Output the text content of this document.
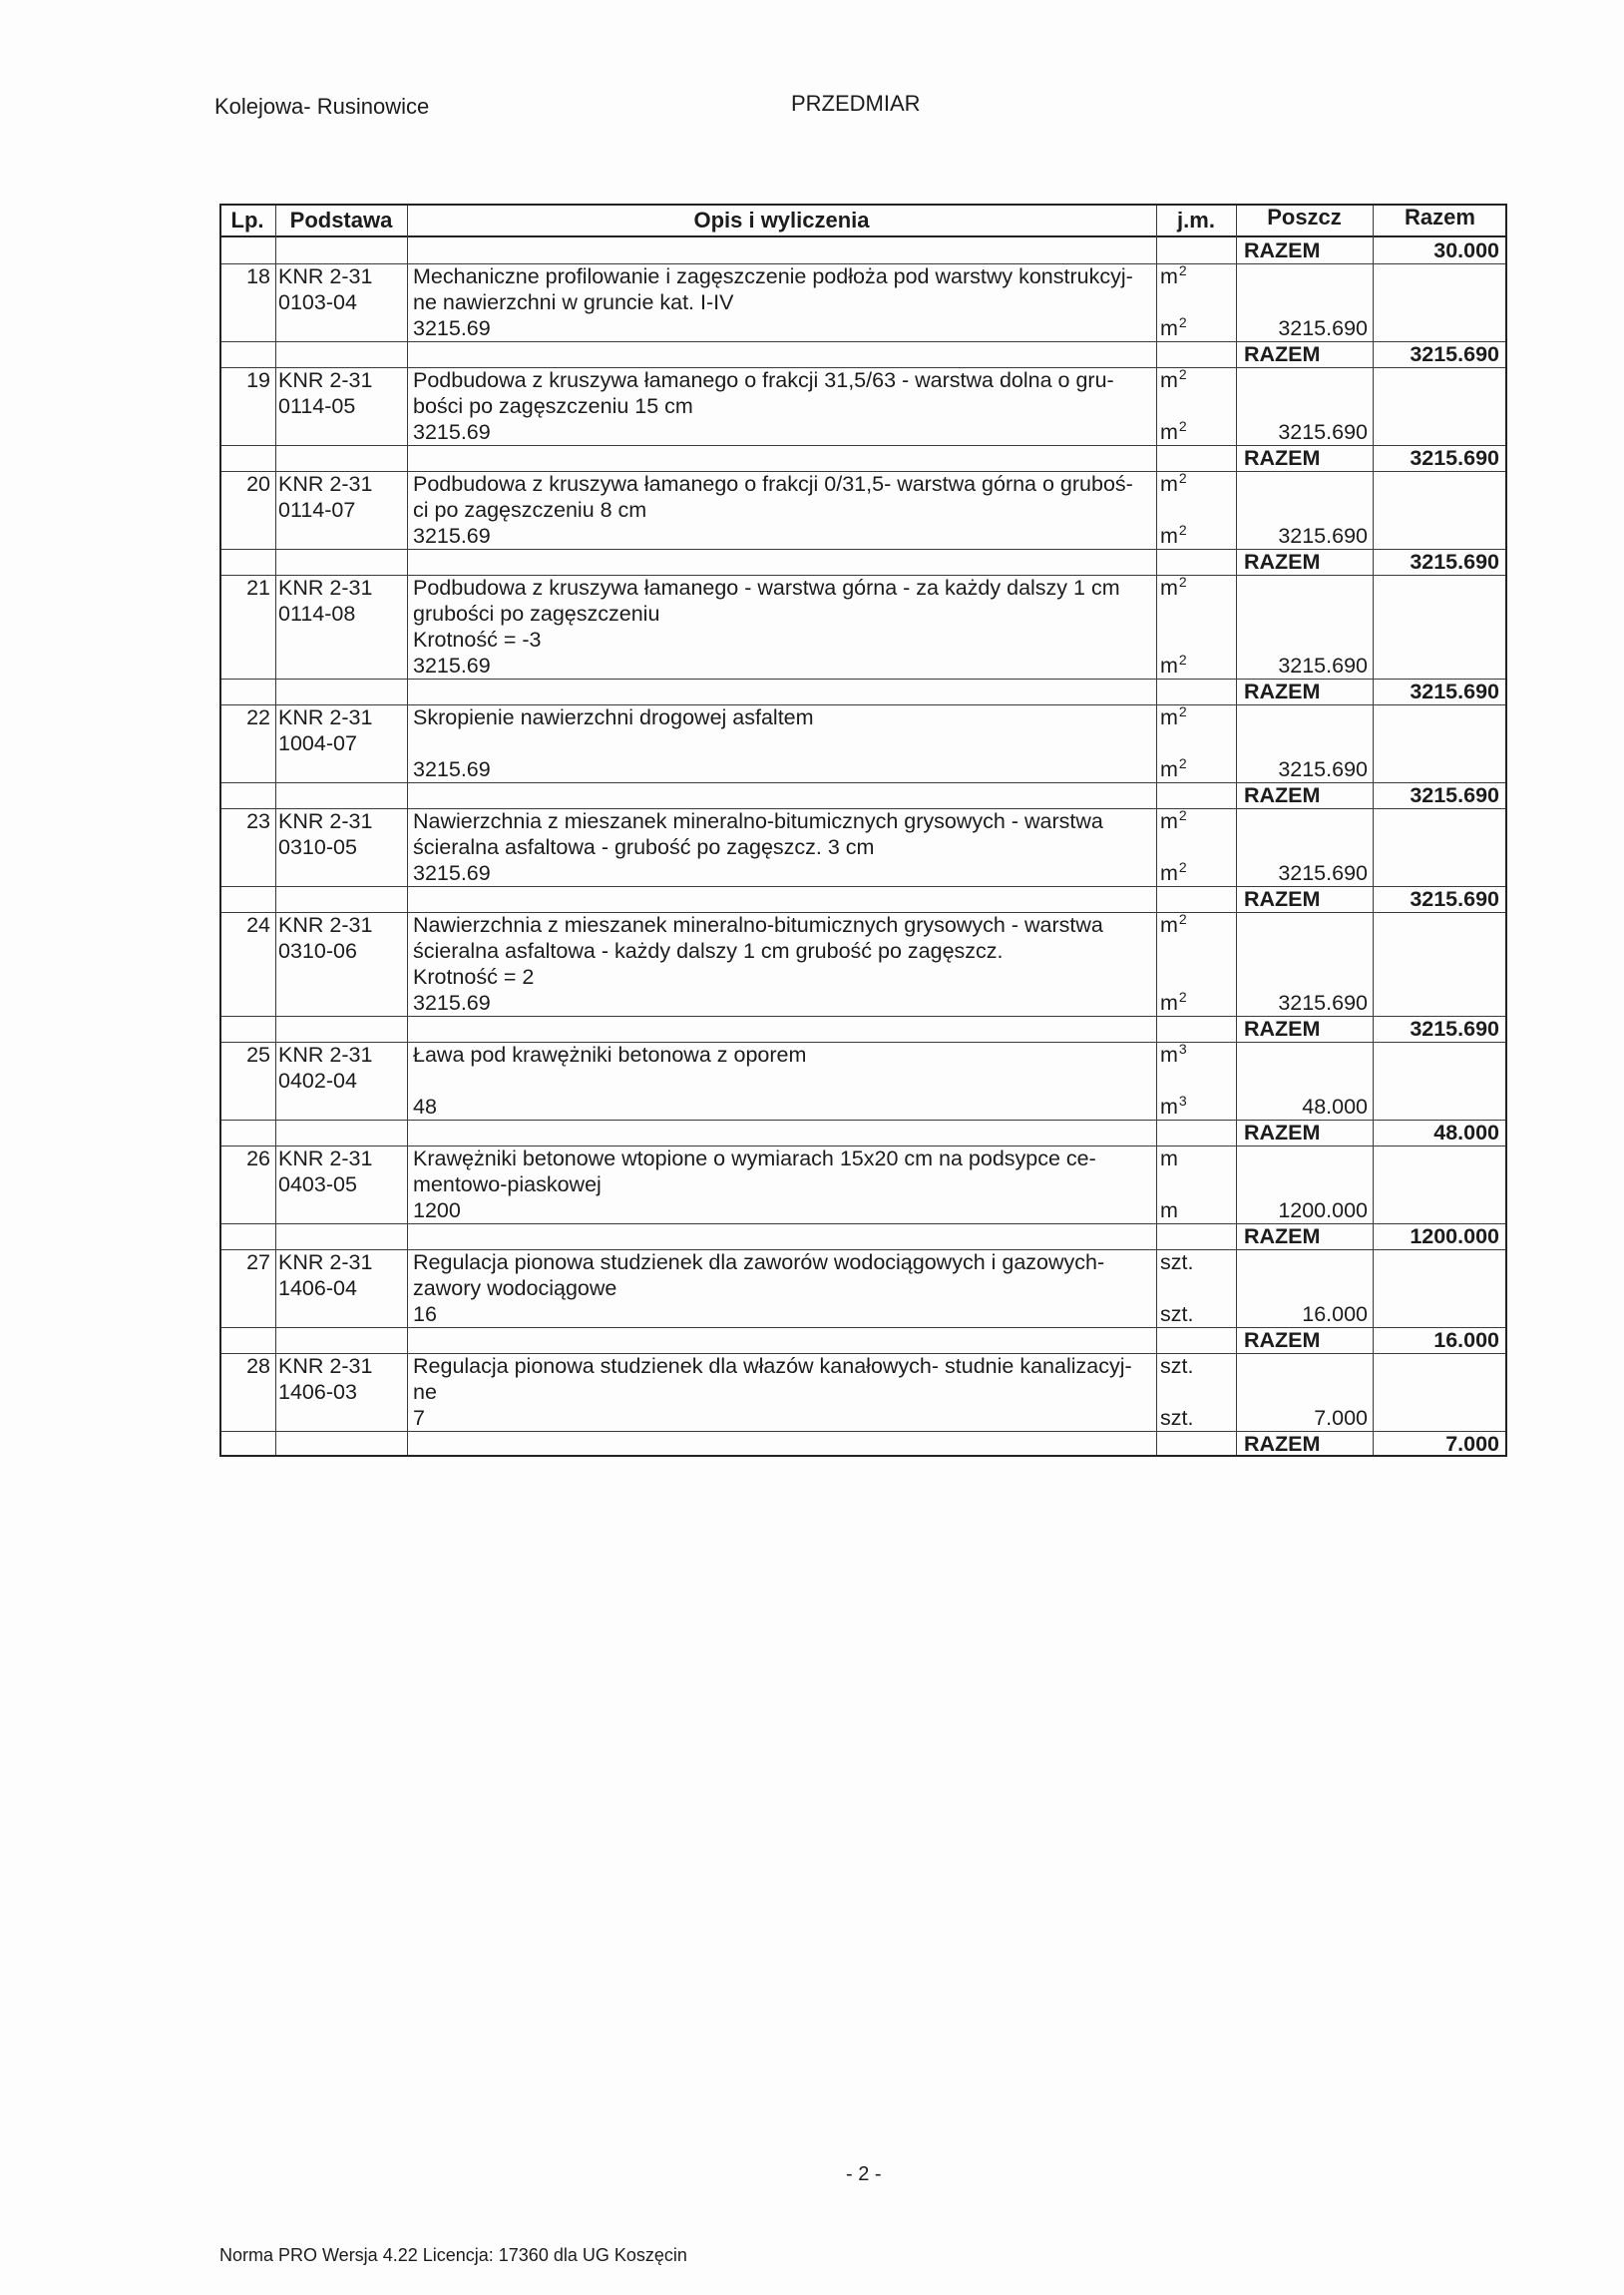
Kolejowa- Rusinowice	PRZEDMIAR
Lp.	Podstawa	Opis i wyliczenia	j.m.	Poszcz	Razem
RAZEM	30.000
18 KNR 2-31	Mechaniczne profilowanie i zagęszczenie podłoża pod warstwy konstrukcyj-	$m^2$
0103-04	ne nawierzchni w gruncie kat. I-IV
3215.69	$m^2$	3215.690
RAZEM	3215.690
19 KNR 2-31	Podbudowa z kruszywa łamanego o frakcji 31,5/63 - warstwa dolna o gru-	$m^2$
0114-05	bości po zagęszczeniu 15 cm
3215.69	$m^2$	3215.690
RAZEM	3215.690
20 KNR 2-31	Podbudowa z kruszywa łamanego o frakcji 0/31,5- warstwa górna o gruboś-	$m^2$
0114-07	ci po zagęszczeniu 8 cm
3215.69	$m^2$	3215.690
RAZEM	3215.690
21 KNR 2-31	Podbudowa z kruszywa łamanego - warstwa górna - za każdy dalszy 1 cm	$m^2$
0114-08	grubości po zagęszczeniu
Krotność = -3
3215.69	$m^2$	3215.690
RAZEM	3215.690
22 KNR 2-31	Skropienie nawierzchni drogowej asfaltem	$m^2$
1004-07
3215.69	$m^2$	3215.690
RAZEM	3215.690
23 KNR 2-31	Nawierzchnia z mieszanek mineralno-bitumicznych grysowych - warstwa	$m^2$
0310-05	ścieralna asfaltowa - grubość po zagęszcz. 3 cm
3215.69	$m^2$	3215.690
RAZEM	3215.690
24 KNR 2-31	Nawierzchnia z mieszanek mineralno-bitumicznych grysowych - warstwa	$m^2$
0310-06	ścieralna asfaltowa - każdy dalszy 1 cm grubość po zagęszcz.
Krotność = 2
3215.69	$m^2$	3215.690
RAZEM	3215.690
25 KNR 2-31	Ława pod krawężniki betonowa z oporem	$m^3$
0402-04
48	$m^3$	48.000
RAZEM	48.000
26 KNR 2-31	Krawężniki betonowe wtopione o wymiarach 15x20 cm na podsypce ce-	m
0403-05	mentowo-piaskowej
1200	m	1200.000
RAZEM	1200.000
27 KNR 2-31	Regulacja pionowa studzienek dla zaworów wodociągowych i gazowych-	szt.
1406-04	zawory wodociągowe
16	szt.	16.000
RAZEM	16.000
28 KNR 2-31	Regulacja pionowa studzienek dla włazów kanałowych- studnie kanalizacyj-	szt.
1406-03	ne
7	szt.	7.000
RAZEM	7.000
- 2 -
Norma PRO Wersja 4.22 Licencja: 17360 dla UG Koszęcin
